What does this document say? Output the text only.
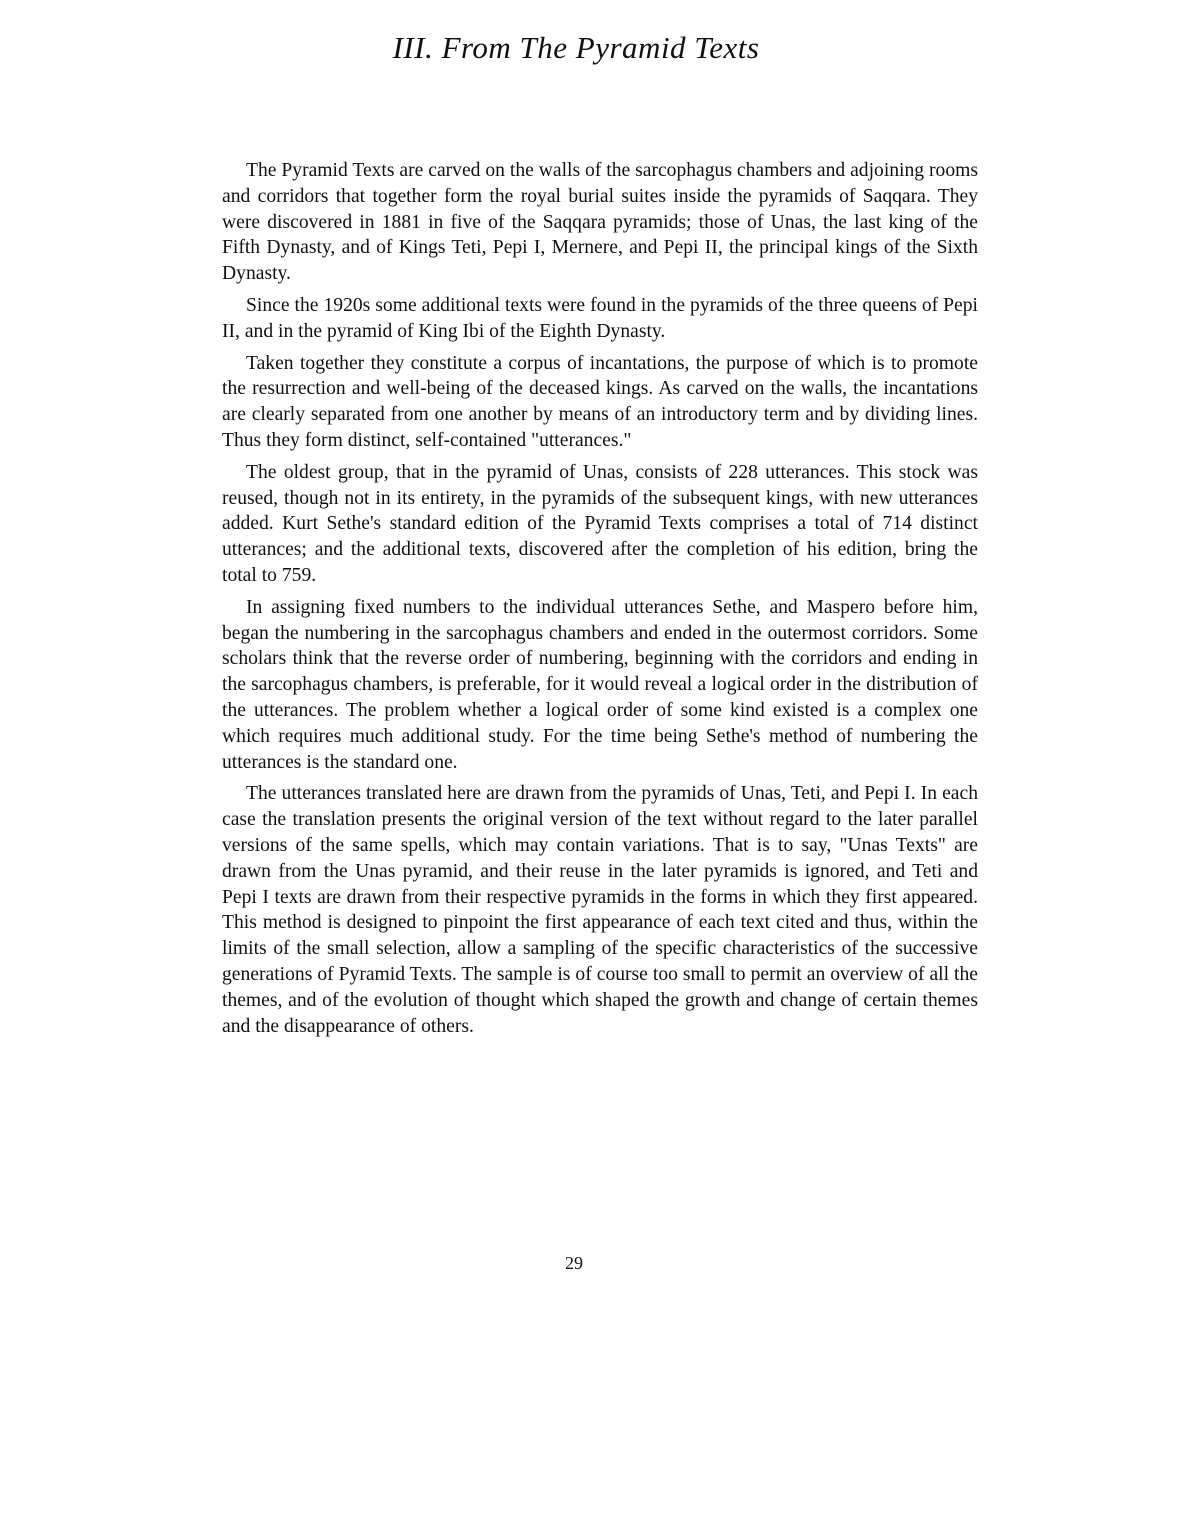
III. From The Pyramid Texts

The Pyramid Texts are carved on the walls of the sarcophagus chambers and adjoining rooms and corridors that together form the royal burial suites inside the pyramids of Saqqara. They were discovered in 1881 in five of the Saqqara pyramids; those of Unas, the last king of the Fifth Dynasty, and of Kings Teti, Pepi I, Mernere, and Pepi II, the principal kings of the Sixth Dynasty.

Since the 1920s some additional texts were found in the pyramids of the three queens of Pepi II, and in the pyramid of King Ibi of the Eighth Dynasty.

Taken together they constitute a corpus of incantations, the purpose of which is to promote the resurrection and well-being of the deceased kings. As carved on the walls, the incantations are clearly separated from one another by means of an introductory term and by dividing lines. Thus they form distinct, self-contained "utterances."

The oldest group, that in the pyramid of Unas, consists of 228 utterances. This stock was reused, though not in its entirety, in the pyramids of the subsequent kings, with new utterances added. Kurt Sethe's standard edition of the Pyramid Texts comprises a total of 714 distinct utterances; and the additional texts, discovered after the completion of his edition, bring the total to 759.

In assigning fixed numbers to the individual utterances Sethe, and Maspero before him, began the numbering in the sarcophagus chambers and ended in the outermost corridors. Some scholars think that the reverse order of numbering, beginning with the corridors and ending in the sarcophagus chambers, is preferable, for it would reveal a logical order in the distribution of the utterances. The problem whether a logical order of some kind existed is a complex one which requires much additional study. For the time being Sethe's method of numbering the utterances is the standard one.

The utterances translated here are drawn from the pyramids of Unas, Teti, and Pepi I. In each case the translation presents the original version of the text without regard to the later parallel versions of the same spells, which may contain variations. That is to say, "Unas Texts" are drawn from the Unas pyramid, and their reuse in the later pyramids is ignored, and Teti and Pepi I texts are drawn from their respective pyramids in the forms in which they first appeared. This method is designed to pinpoint the first appearance of each text cited and thus, within the limits of the small selection, allow a sampling of the specific characteristics of the successive generations of Pyramid Texts. The sample is of course too small to permit an overview of all the themes, and of the evolution of thought which shaped the growth and change of certain themes and the disappearance of others.

29
